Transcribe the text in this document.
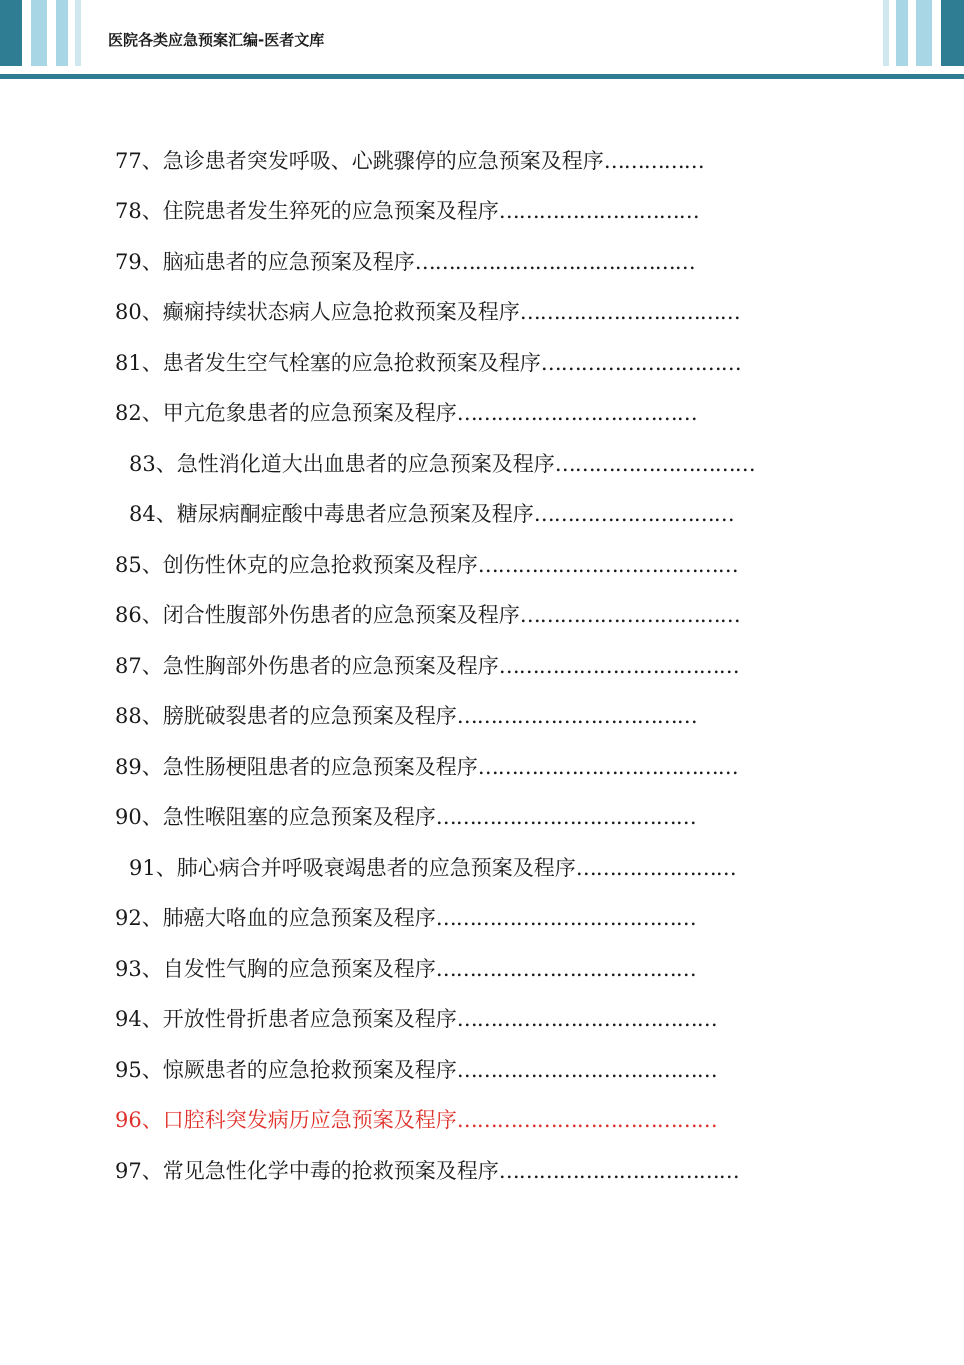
医院各类应急预案汇编-医者文库
77、急诊患者突发呼吸、心跳骤停的应急预案及程序……………
78、住院患者发生猝死的应急预案及程序…………………………
79、脑疝患者的应急预案及程序……………………………………
80、癫痫持续状态病人应急抢救预案及程序……………………………
81、患者发生空气栓塞的应急抢救预案及程序…………………………
82、甲亢危象患者的应急预案及程序………………………………
83、急性消化道大出血患者的应急预案及程序…………………………
84、糖尿病酮症酸中毒患者应急预案及程序…………………………
85、创伤性休克的应急抢救预案及程序…………………………………
86、闭合性腹部外伤患者的应急预案及程序……………………………
87、急性胸部外伤患者的应急预案及程序………………………………
88、膀胱破裂患者的应急预案及程序………………………………
89、急性肠梗阻患者的应急预案及程序…………………………………
90、急性喉阻塞的应急预案及程序…………………………………
91、肺心病合并呼吸衰竭患者的应急预案及程序……………………
92、肺癌大咯血的应急预案及程序…………………………………
93、自发性气胸的应急预案及程序…………………………………
94、开放性骨折患者应急预案及程序…………………………………
95、惊厥患者的应急抢救预案及程序…………………………………
96、口腔科突发病历应急预案及程序…………………………………
97、常见急性化学中毒的抢救预案及程序………………………………
